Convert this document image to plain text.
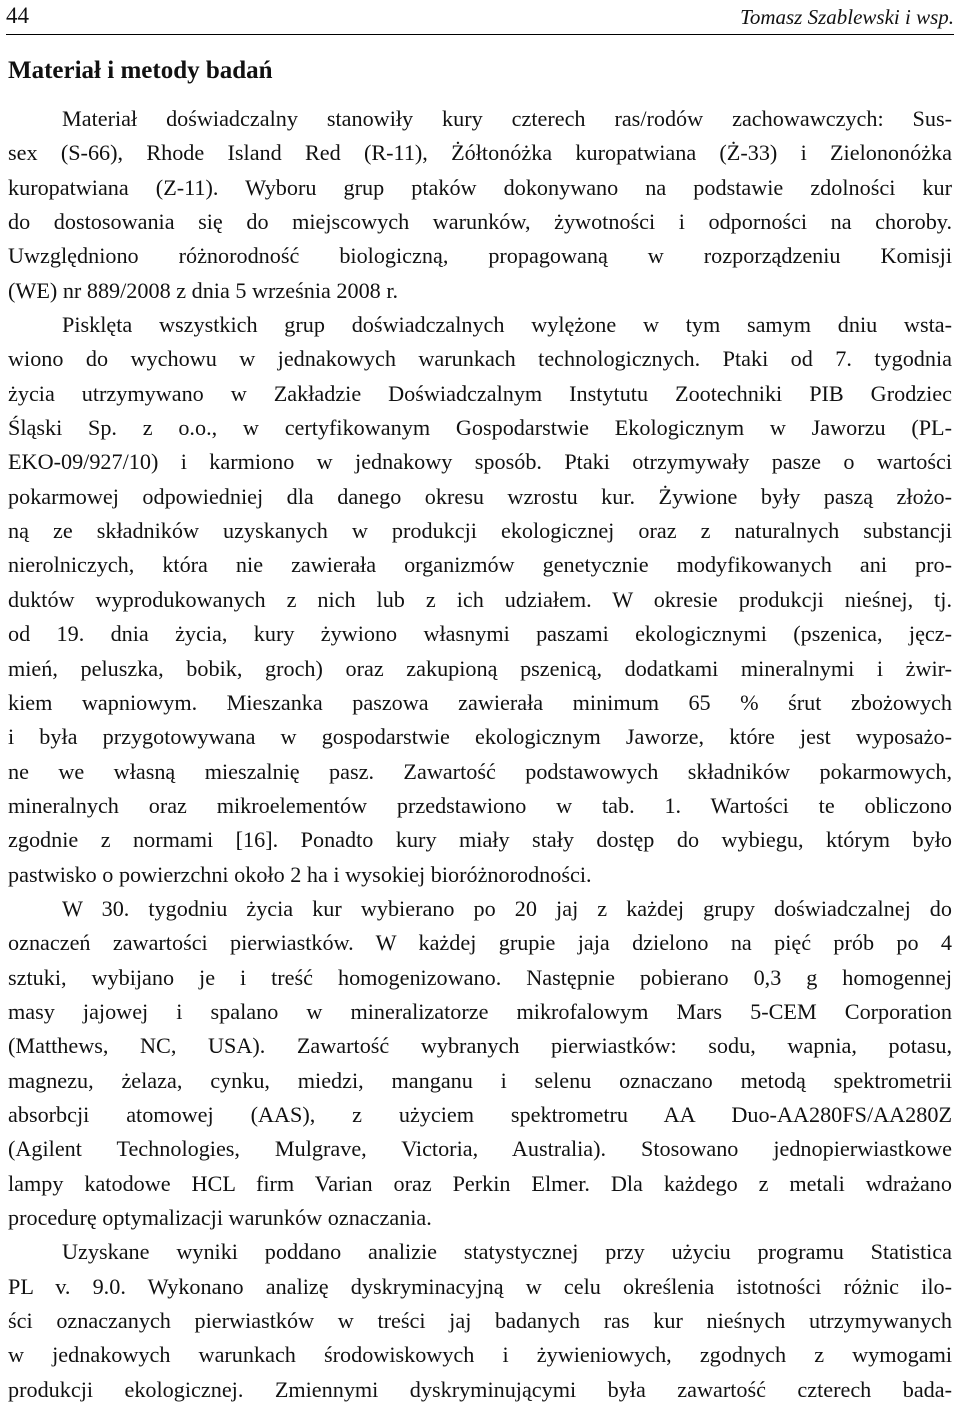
44	Tomasz Szablewski i wsp.
Materiał i metody badań
Materiał doświadczalny stanowiły kury czterech ras/rodów zachowawczych: Sus-
sex (S-66), Rhode Island Red (R-11), Żółtonóżka kuropatwiana (Ż-33) i Zielononóżka
kuropatwiana (Z-11). Wyboru grup ptaków dokonywano na podstawie zdolności kur
do dostosowania się do miejscowych warunków, żywotności i odporności na choroby.
Uwzględniono różnorodność biologiczną, propagowaną w rozporządzeniu Komisji
(WE) nr 889/2008 z dnia 5 września 2008 r.
Pisklęta wszystkich grup doświadczalnych wylężone w tym samym dniu wsta-
wiono do wychowu w jednakowych warunkach technologicznych. Ptaki od 7. tygodnia
życia utrzymywano w Zakładzie Doświadczalnym Instytutu Zootechniki PIB Grodziec
Śląski Sp. z o.o., w certyfikowanym Gospodarstwie Ekologicznym w Jaworzu (PL-
EKO-09/927/10) i karmiono w jednakowy sposób. Ptaki otrzymywały pasze o wartości
pokarmowej odpowiedniej dla danego okresu wzrostu kur. Żywione były paszą złożo-
ną ze składników uzyskanych w produkcji ekologicznej oraz z naturalnych substancji
nierolniczych, która nie zawierała organizmów genetycznie modyfikowanych ani pro-
duktów wyprodukowanych z nich lub z ich udziałem. W okresie produkcji nieśnej, tj.
od 19. dnia życia, kury żywiono własnymi paszami ekologicznymi (pszenica, jęcz-
mień, peluszka, bobik, groch) oraz zakupioną pszenicą, dodatkami mineralnymi i żwir-
kiem wapniowym. Mieszanka paszowa zawierała minimum 65 % śrut zbożowych
i była przygotowywana w gospodarstwie ekologicznym Jaworze, które jest wyposażo-
ne we własną mieszalnię pasz. Zawartość podstawowych składników pokarmowych,
mineralnych oraz mikroelementów przedstawiono w tab. 1. Wartości te obliczono
zgodnie z normami [16]. Ponadto kury miały stały dostęp do wybiegu, którym było
pastwisko o powierzchni około 2 ha i wysokiej bioróżnorodności.
W 30. tygodniu życia kur wybierano po 20 jaj z każdej grupy doświadczalnej do
oznaczeń zawartości pierwiastków. W każdej grupie jaja dzielono na pięć prób po 4
sztuki, wybijano je i treść homogenizowano. Następnie pobierano 0,3 g homogennej
masy jajowej i spalano w mineralizatorze mikrofalowym Mars 5-CEM Corporation
(Matthews, NC, USA). Zawartość wybranych pierwiastków: sodu, wapnia, potasu,
magnezu, żelaza, cynku, miedzi, manganu i selenu oznaczano metodą spektrometrii
absorbcji atomowej (AAS), z użyciem spektrometru AA Duo-AA280FS/AA280Z
(Agilent Technologies, Mulgrave, Victoria, Australia). Stosowano jednopierwiastkowe
lampy katodowe HCL firm Varian oraz Perkin Elmer. Dla każdego z metali wdrażano
procedurę optymalizacji warunków oznaczania.
Uzyskane wyniki poddano analizie statystycznej przy użyciu programu Statistica
PL v. 9.0. Wykonano analizę dyskryminacyjną w celu określenia istotności różnic ilo-
ści oznaczanych pierwiastków w treści jaj badanych ras kur nieśnych utrzymywanych
w jednakowych warunkach środowiskowych i żywieniowych, zgodnych z wymogami
produkcji ekologicznej. Zmiennymi dyskryminującymi była zawartość czterech bada-
